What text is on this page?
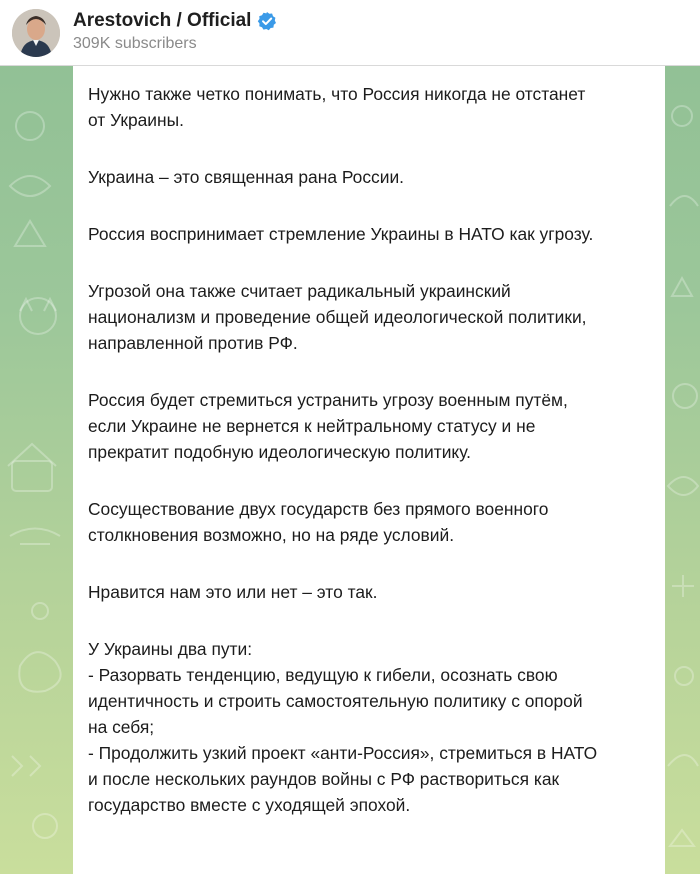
Arestovich / Official
309K subscribers

Нужно также четко понимать, что Россия никогда не отстанет
от Украины.

Украина – это священная рана России.

Россия воспринимает стремление Украины в НАТО как угрозу.

Угрозой она также считает радикальный украинский
национализм и проведение общей идеологической политики,
направленной против РФ.

Россия будет стремиться устранить угрозу военным путём,
если Украине не вернется к нейтральному статусу и не
прекратит подобную идеологическую политику.

Сосуществование двух государств без прямого военного
столкновения возможно, но на ряде условий.

Нравится нам это или нет – это так.

У Украины два пути:
- Разорвать тенденцию, ведущую к гибели, осознать свою
идентичность и строить самостоятельную политику с опорой
на себя;
- Продолжить узкий проект «анти-Россия», стремиться в НАТО
и после нескольких раундов войны с РФ раствориться как
государство вместе с уходящей эпохой.
